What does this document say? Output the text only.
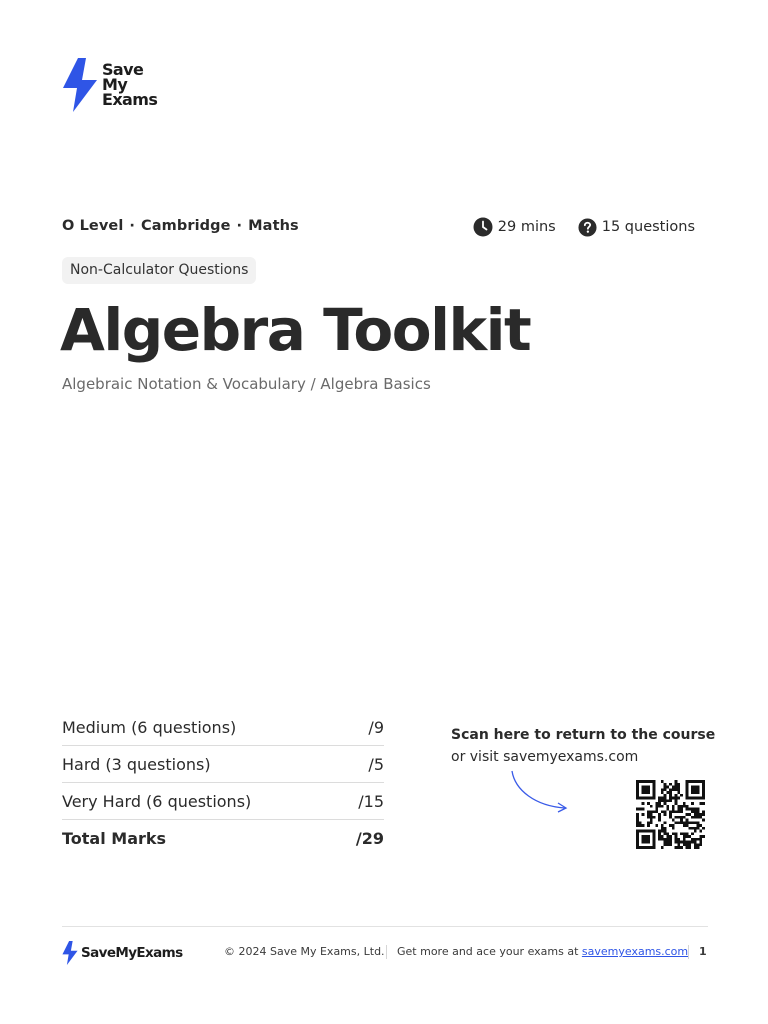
Save
My
Exams
O Level · Cambridge · Maths	29 mins	15 questions
Non-Calculator Questions
Algebra Toolkit
Algebraic Notation & Vocabulary / Algebra Basics
Medium (6 questions)	/9
Hard (3 questions)	/5
Very Hard (6 questions)	/15
Total Marks	/29
Scan here to return to the course
or visit savemyexams.com
SaveMyExams	© 2024 Save My Exams, Ltd. Get more and ace your exams at savemyexams.com 1
